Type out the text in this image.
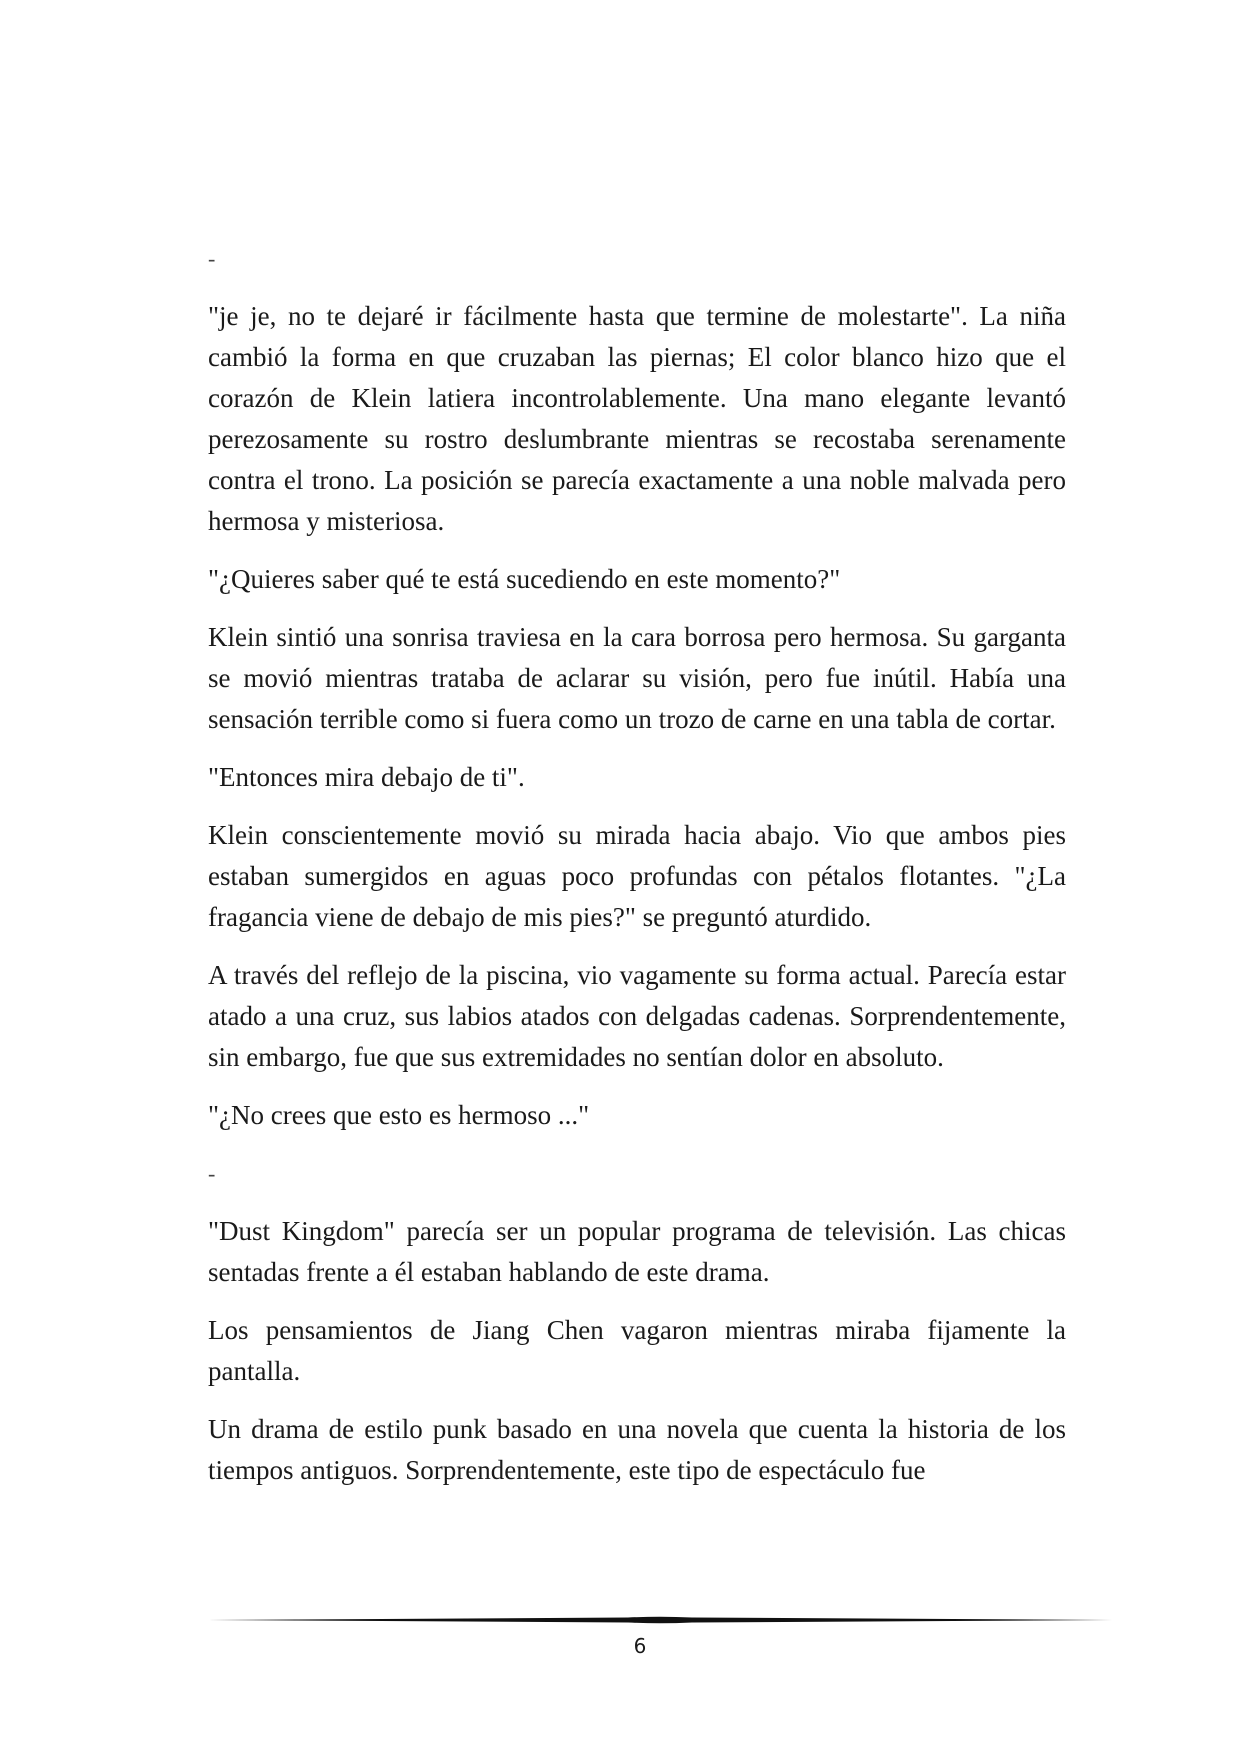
-

"je je, no te dejaré ir fácilmente hasta que termine de molestarte". La niña cambió la forma en que cruzaban las piernas; El color blanco hizo que el corazón de Klein latiera incontrolablemente. Una mano elegante levantó perezosamente su rostro deslumbrante mientras se recostaba serenamente contra el trono. La posición se parecía exactamente a una noble malvada pero hermosa y misteriosa.

"¿Quieres saber qué te está sucediendo en este momento?"

Klein sintió una sonrisa traviesa en la cara borrosa pero hermosa. Su garganta se movió mientras trataba de aclarar su visión, pero fue inútil. Había una sensación terrible como si fuera como un trozo de carne en una tabla de cortar.

"Entonces mira debajo de ti".

Klein conscientemente movió su mirada hacia abajo. Vio que ambos pies estaban sumergidos en aguas poco profundas con pétalos flotantes. "¿La fragancia viene de debajo de mis pies?" se preguntó aturdido.

A través del reflejo de la piscina, vio vagamente su forma actual. Parecía estar atado a una cruz, sus labios atados con delgadas cadenas. Sorprendentemente, sin embargo, fue que sus extremidades no sentían dolor en absoluto.

"¿No crees que esto es hermoso ..."

-

"Dust Kingdom" parecía ser un popular programa de televisión. Las chicas sentadas frente a él estaban hablando de este drama.

Los pensamientos de Jiang Chen vagaron mientras miraba fijamente la pantalla.

Un drama de estilo punk basado en una novela que cuenta la historia de los tiempos antiguos. Sorprendentemente, este tipo de espectáculo fue

6
